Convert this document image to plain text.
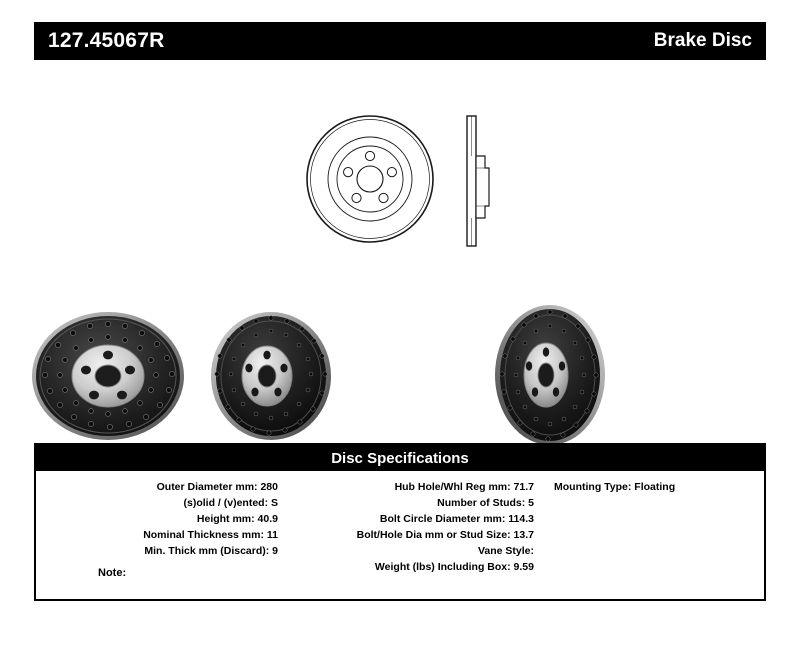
127.45067R	Brake Disc
Disc Specifications
Outer Diameter mm: 280
(s)olid / (v)ented: S
Height mm: 40.9
Nominal Thickness mm: 11
Min. Thick mm (Discard): 9
Hub Hole/Whl Reg mm: 71.7
Number of Studs: 5
Bolt Circle Diameter mm: 114.3
Bolt/Hole Dia mm or Stud Size: 13.7
Vane Style:
Weight (lbs) Including Box: 9.59
Mounting Type: Floating
Note:
